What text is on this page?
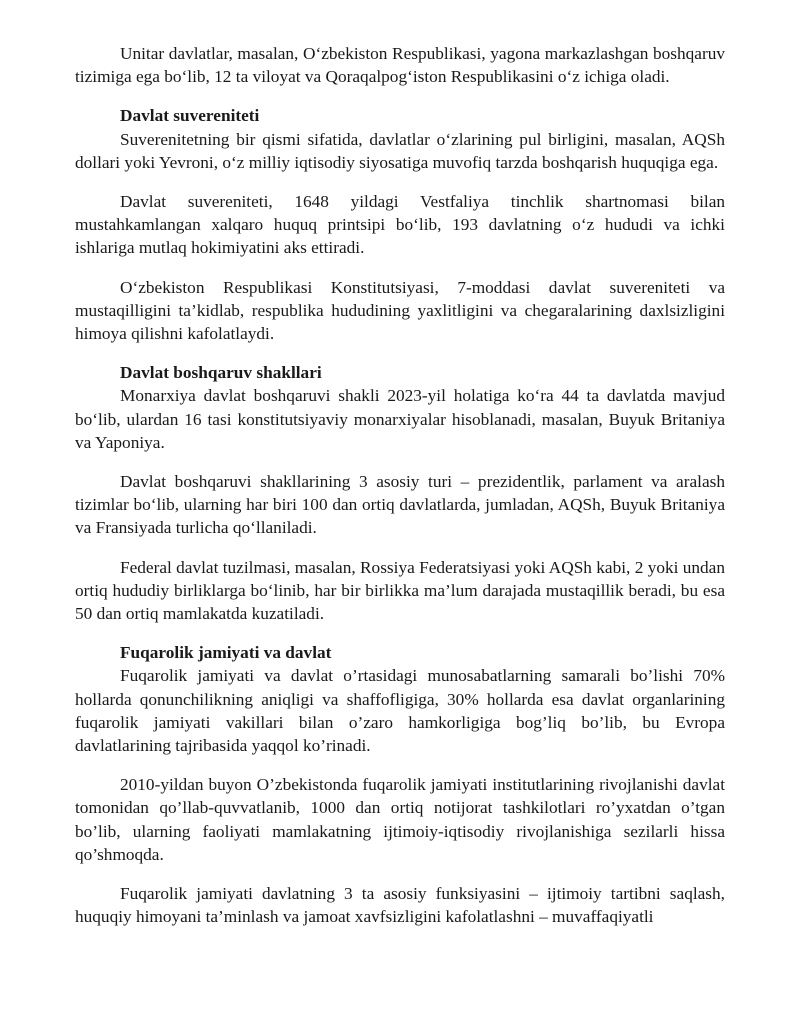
Unitar davlatlar, masalan, O‘zbekiston Respublikasi, yagona markazlashgan boshqaruv tizimiga ega bo‘lib, 12 ta viloyat va Qoraqalpog‘iston Respublikasini o‘z ichiga oladi.

Davlat suvereniteti

Suverenitetning bir qismi sifatida, davlatlar o‘zlarining pul birligini, masalan, AQSh dollari yoki Yevroni, o‘z milliy iqtisodiy siyosatiga muvofiq tarzda boshqarish huquqiga ega.

Davlat suvereniteti, 1648 yildagi Vestfaliya tinchlik shartnomasi bilan mustahkamlangan xalqaro huquq printsipi bo‘lib, 193 davlatning o‘z hududi va ichki ishlariga mutlaq hokimiyatini aks ettiradi.

O‘zbekiston Respublikasi Konstitutsiyasi, 7-moddasi davlat suvereniteti va mustaqilligini ta’kidlab, respublika hududining yaxlitligini va chegaralarining daxlsizligini himoya qilishni kafolatlaydi.

Davlat boshqaruv shakllari

Monarxiya davlat boshqaruvi shakli 2023-yil holatiga ko‘ra 44 ta davlatda mavjud bo‘lib, ulardan 16 tasi konstitutsiyaviy monarxiyalar hisoblanadi, masalan, Buyuk Britaniya va Yaponiya.

Davlat boshqaruvi shakllarining 3 asosiy turi – prezidentlik, parlament va aralash tizimlar bo‘lib, ularning har biri 100 dan ortiq davlatlarda, jumladan, AQSh, Buyuk Britaniya va Fransiyada turlicha qo‘llaniladi.

Federal davlat tuzilmasi, masalan, Rossiya Federatsiyasi yoki AQSh kabi, 2 yoki undan ortiq hududiy birliklarga bo‘linib, har bir birlikka ma’lum darajada mustaqillik beradi, bu esa 50 dan ortiq mamlakatda kuzatiladi.

Fuqarolik jamiyati va davlat

Fuqarolik jamiyati va davlat o’rtasidagi munosabatlarning samarali bo’lishi 70% hollarda qonunchilikning aniqligi va shaffofligiga, 30% hollarda esa davlat organlarining fuqarolik jamiyati vakillari bilan o’zaro hamkorligiga bog’liq bo’lib, bu Evropa davlatlarining tajribasida yaqqol ko’rinadi.

2010-yildan buyon O’zbekistonda fuqarolik jamiyati institutlarining rivojlanishi davlat tomonidan qo’llab-quvvatlanib, 1000 dan ortiq notijorat tashkilotlari ro’yxatdan o’tgan bo’lib, ularning faoliyati mamlakatning ijtimoiy-iqtisodiy rivojlanishiga sezilarli hissa qo’shmoqda.

Fuqarolik jamiyati davlatning 3 ta asosiy funksiyasini – ijtimoiy tartibni saqlash, huquqiy himoyani ta’minlash va jamoat xavfsizligini kafolatlashni – muvaffaqiyatli
